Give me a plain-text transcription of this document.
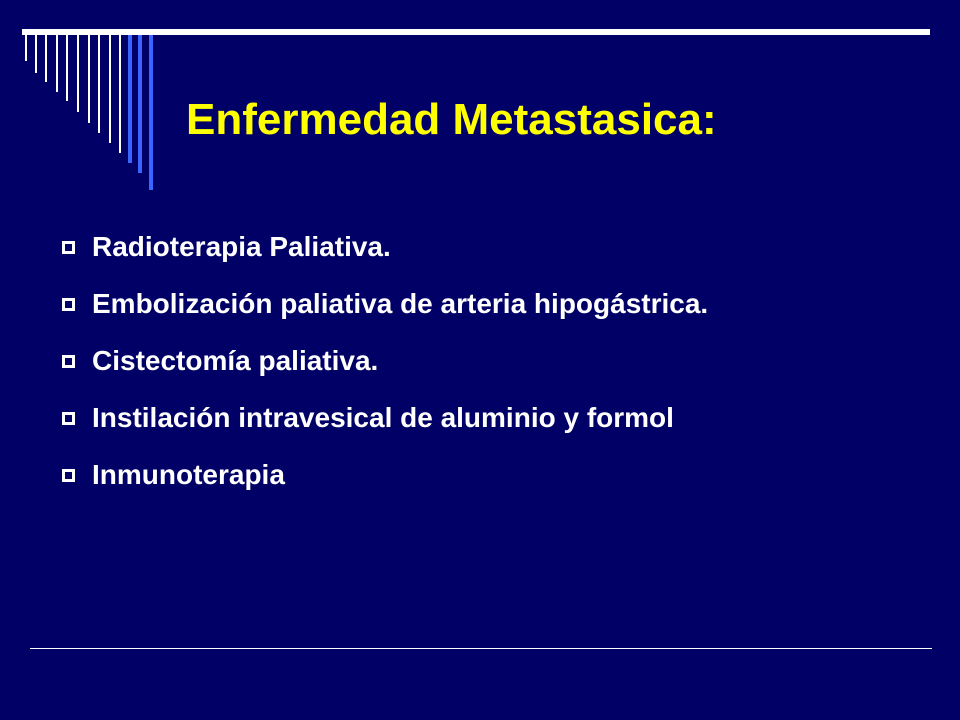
Enfermedad Metastasica:
Radioterapia Paliativa.
Embolización paliativa de arteria hipogástrica.
Cistectomía paliativa.
Instilación intravesical de aluminio y formol
Inmunoterapia
